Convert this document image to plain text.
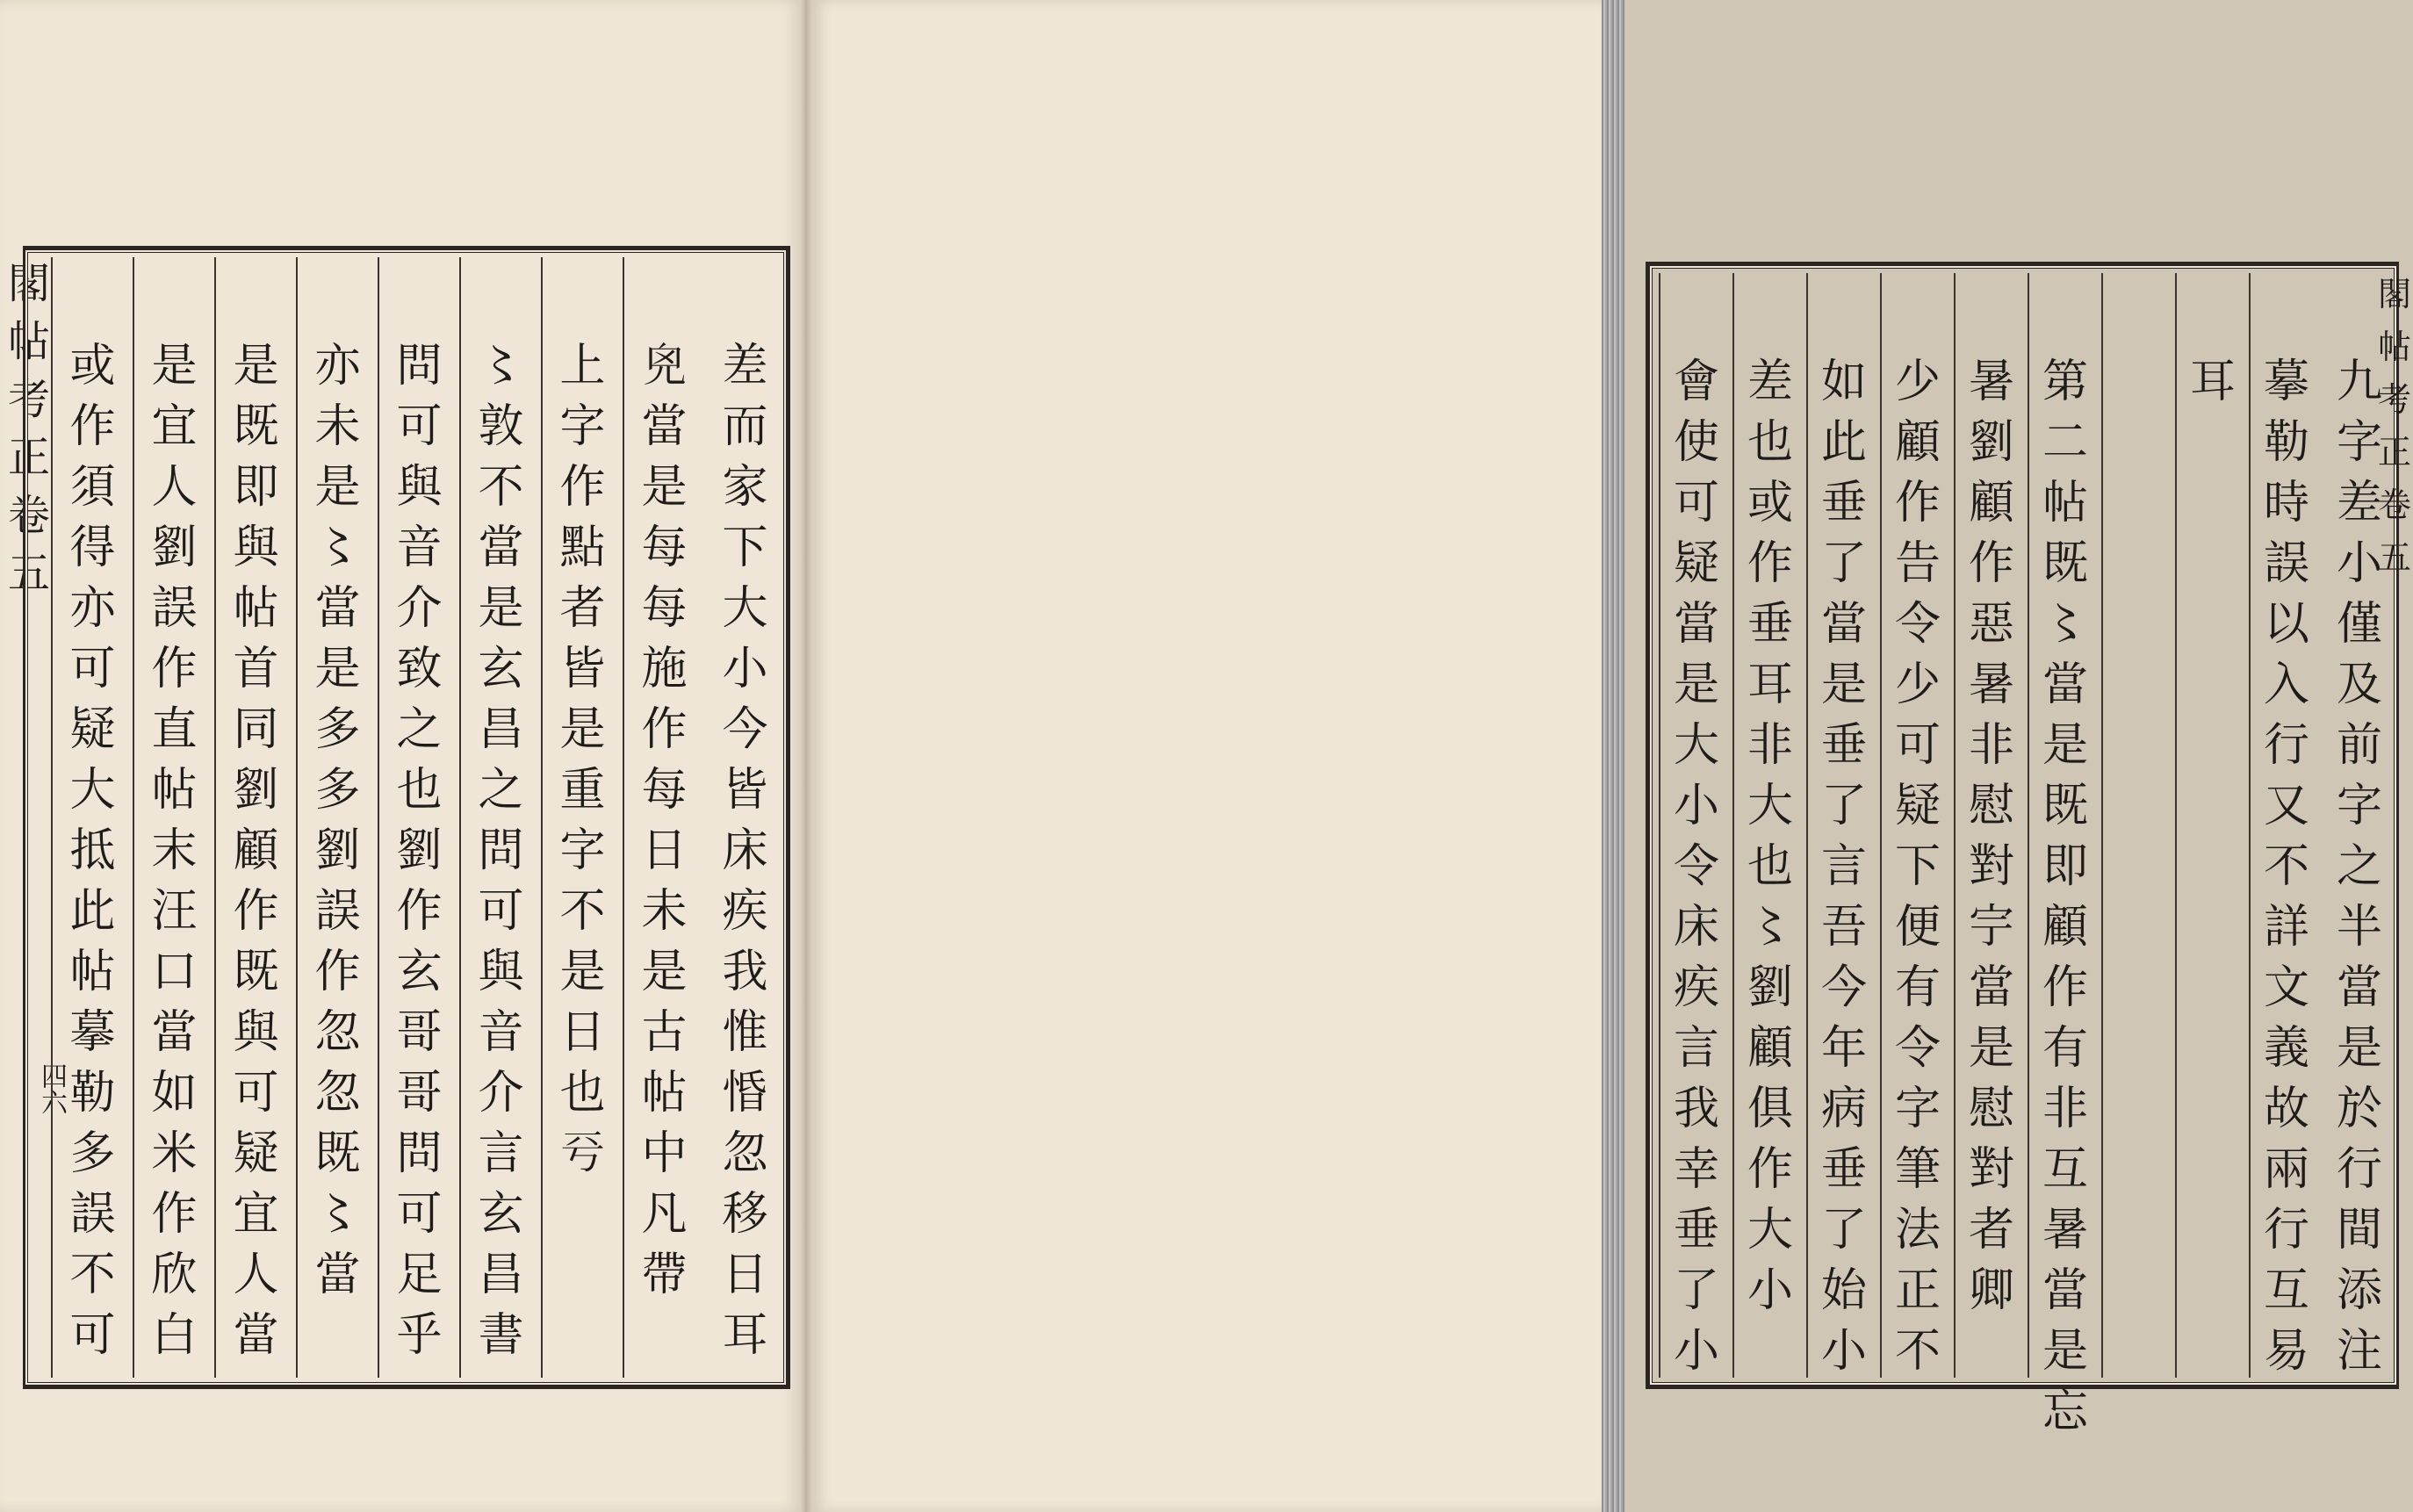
閣
帖
考
正
卷
五
四六
差
而
家
下
大
小
今
皆
床
疾
我
惟
惛
忽
移
日
耳
𠒆
當
是
每
每
施
作
每
日
未
是
古
帖
中
凡
帶
上
字
作
點
者
皆
是
重
字
不
是
日
也
𠀒
〻
敦
不
當
是
玄
昌
之
問
可
與
音
介
言
玄
昌
書
問
可
與
音
介
致
之
也
劉
作
玄
哥
哥
問
可
足
乎
亦
未
是
〻
當
是
多
多
劉
誤
作
忽
忽
既
〻
當
是
既
即
與
帖
首
同
劉
顧
作
既
與
可
疑
宜
人
當
是
宜
人
劉
誤
作
直
帖
末
汪
口
當
如
米
作
欣
白
或
作
須
得
亦
可
疑
大
抵
此
帖
摹
勒
多
誤
不
可
九
字
差
小
僅
及
前
字
之
半
當
是
於
行
間
添
注
摹
勒
時
誤
以
入
行
又
不
詳
文
義
故
兩
行
互
易
耳
第
二
帖
既
〻
當
是
既
即
顧
作
有
非
互
暑
當
是
忘
暑
劉
顧
作
惡
暑
非
慰
對
𡧃
當
是
慰
對
者
卿
少
顧
作
告
令
少
可
疑
下
便
有
令
字
筆
法
正
不
如
此
垂
了
當
是
垂
了
言
吾
今
年
病
垂
了
始
小
差
也
或
作
垂
耳
非
大
也
〻
劉
顧
俱
作
大
小
會
使
可
疑
當
是
大
小
令
床
疾
言
我
幸
垂
了
小
閣
帖
考
正
卷
五
